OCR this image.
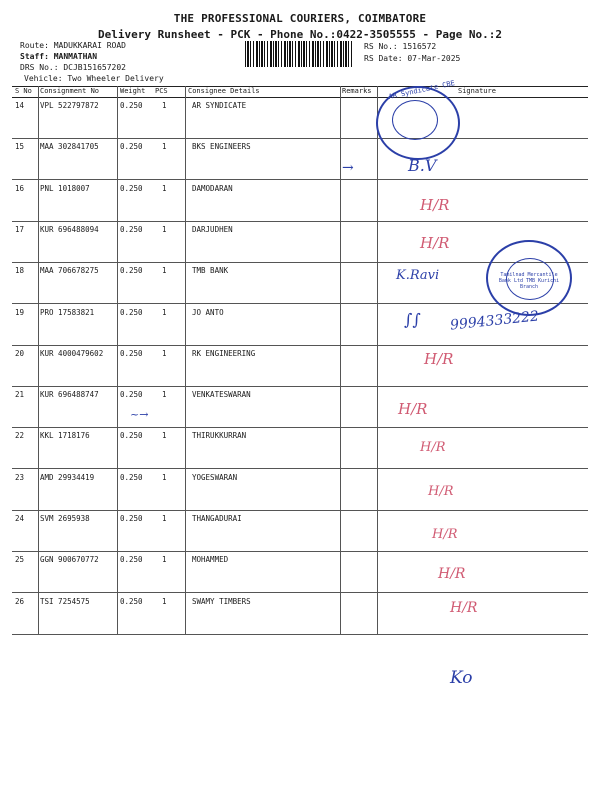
THE PROFESSIONAL COURIERS, COIMBATORE
Delivery Runsheet - PCK - Phone No.:0422-3505555 - Page No.:2
Route: MADUKKARAI ROAD
Staff: MANMATHAN
DRS No.: DCJB151657202
Vehicle: Two Wheeler Delivery
RS No.: 1516572
RS Date: 07-Mar-2025
S No Consignment No	Weight PCS	Consignee Details	Remarks	Signature
14 VPL 522797872	0.250	1	AR SYNDICATE
15 MAA 302841705	0.250	1	BKS ENGINEERS
16 PNL 1018007	0.250	1	DAMODARAN
17 KUR 696488094	0.250	1	DARJUDHEN
18 MAA 706678275	0.250	1	TMB BANK
19 PRO 17583821	0.250	1	JO ANTO
20 KUR 4000479602 0.250	1	RK ENGINEERING
21 KUR 696488747	0.250	1	VENKATESWARAN
22 KKL 1718176	0.250	1	THIRUKKURRAN
23 AMD 29934419	0.250	1	YOGESWARAN
24 SVM 2695938	0.250	1	THANGADURAI
25 GGN 900670772	0.250	1	MOHAMMED
26 TSI 7254575	0.250	1	SWAMY TIMBERS
AR Syndicate CBE
Tamilnad Mercantile Bank Ltd TMB Kurichi Branch
B.V
→
H/R
H/R
K.Ravi
9994333222
∫∫
H/R
H/R
H/R
H/R
H/R
H/R
H/R
Ko
~→
